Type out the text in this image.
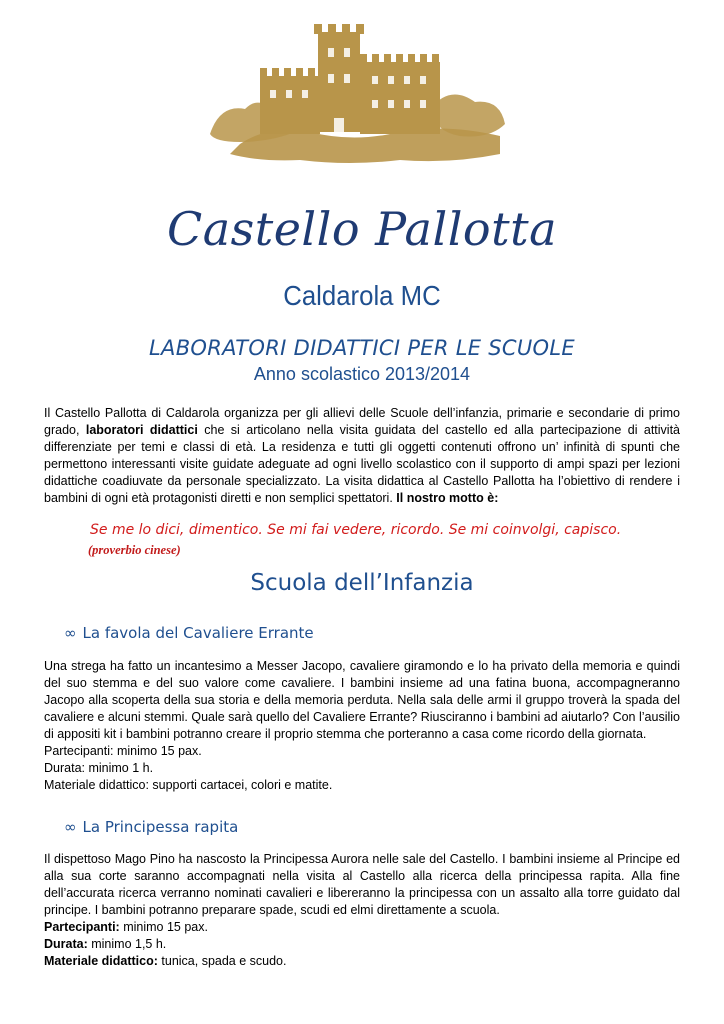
Castello Pallotta
Caldarola MC
LABORATORI DIDATTICI PER LE SCUOLE
Anno scolastico 2013/2014
Il Castello Pallotta di Caldarola organizza per gli allievi delle Scuole dell’infanzia, primarie e secondarie di primo grado, laboratori didattici che si articolano nella visita guidata del castello ed alla partecipazione di attività differenziate per temi e classi di età. La residenza e tutti gli oggetti contenuti offrono un’ infinità di spunti che permettono interessanti visite guidate adeguate ad ogni livello scolastico con il supporto di ampi spazi per lezioni didattiche coadiuvate da personale specializzato. La visita didattica al Castello Pallotta ha l’obiettivo di rendere i bambini di ogni età protagonisti diretti e non semplici spettatori. Il nostro motto è:
Se me lo dici, dimentico. Se mi fai vedere, ricordo. Se mi coinvolgi, capisco.
(proverbio cinese)
Scuola dell’Infanzia
∞ La favola del Cavaliere Errante
Una strega ha fatto un incantesimo a Messer Jacopo, cavaliere giramondo e lo ha privato della memoria e quindi del suo stemma e del suo valore come cavaliere. I bambini insieme ad una fatina buona, accompagneranno Jacopo alla scoperta della sua storia e della memoria perduta. Nella sala delle armi il gruppo troverà la spada del cavaliere e alcuni stemmi. Quale sarà quello del Cavaliere Errante? Riusciranno i bambini ad aiutarlo? Con l’ausilio di appositi kit i bambini potranno creare il proprio stemma che porteranno a casa come ricordo della giornata.
Partecipanti: minimo 15 pax.
Durata: minimo 1 h.
Materiale didattico: supporti cartacei, colori e matite.
∞ La Principessa rapita
Il dispettoso Mago Pino ha nascosto la Principessa Aurora nelle sale del Castello. I bambini insieme al Principe ed alla sua corte saranno accompagnati nella visita al Castello alla ricerca della principessa rapita. Alla fine dell’accurata ricerca verranno nominati cavalieri e libereranno la principessa con un assalto alla torre guidato dal principe. I bambini potranno preparare spade, scudi ed elmi direttamente a scuola.
Partecipanti: minimo 15 pax.
Durata: minimo 1,5 h.
Materiale didattico: tunica, spada e scudo.
